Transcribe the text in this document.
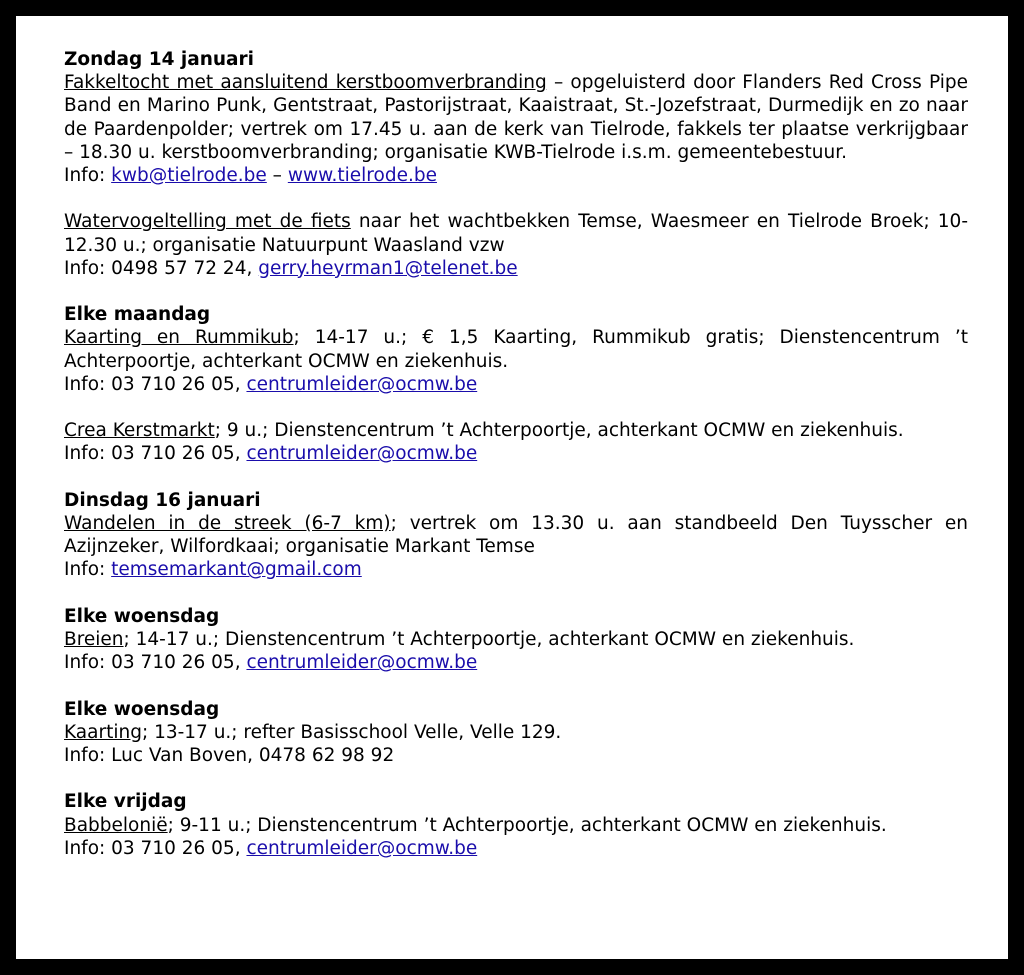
Zondag 14 januari

Fakkeltocht met aansluitend kerstboomverbranding – opgeluisterd door Flanders Red Cross Pipe Band en Marino Punk, Gentstraat, Pastorijstraat, Kaaistraat, St.-Jozefstraat, Durmedijk en zo naar de Paardenpolder; vertrek om 17.45 u. aan de kerk van Tielrode, fakkels ter plaatse verkrijgbaar – 18.30 u. kerstboomverbranding; organisatie KWB-Tielrode i.s.m. gemeentebestuur.

Info: kwb@tielrode.be – www.tielrode.be

Watervogeltelling met de fiets naar het wachtbekken Temse, Waesmeer en Tielrode Broek; 10-12.30 u.; organisatie Natuurpunt Waasland vzw

Info: 0498 57 72 24, gerry.heyrman1@telenet.be

Elke maandag

Kaarting en Rummikub; 14-17 u.; € 1,5 Kaarting, Rummikub gratis; Dienstencentrum ’t Achterpoortje, achterkant OCMW en ziekenhuis.

Info: 03 710 26 05, centrumleider@ocmw.be

Crea Kerstmarkt; 9 u.; Dienstencentrum ’t Achterpoortje, achterkant OCMW en ziekenhuis.

Info: 03 710 26 05, centrumleider@ocmw.be

Dinsdag 16 januari

Wandelen in de streek (6-7 km); vertrek om 13.30 u. aan standbeeld Den Tuysscher en Azijnzeker, Wilfordkaai; organisatie Markant Temse

Info: temsemarkant@gmail.com

Elke woensdag

Breien; 14-17 u.; Dienstencentrum ’t Achterpoortje, achterkant OCMW en ziekenhuis.

Info: 03 710 26 05, centrumleider@ocmw.be

Elke woensdag

Kaarting; 13-17 u.; refter Basisschool Velle, Velle 129.

Info: Luc Van Boven, 0478 62 98 92

Elke vrijdag

Babbelonië; 9-11 u.; Dienstencentrum ’t Achterpoortje, achterkant OCMW en ziekenhuis.

Info: 03 710 26 05, centrumleider@ocmw.be
